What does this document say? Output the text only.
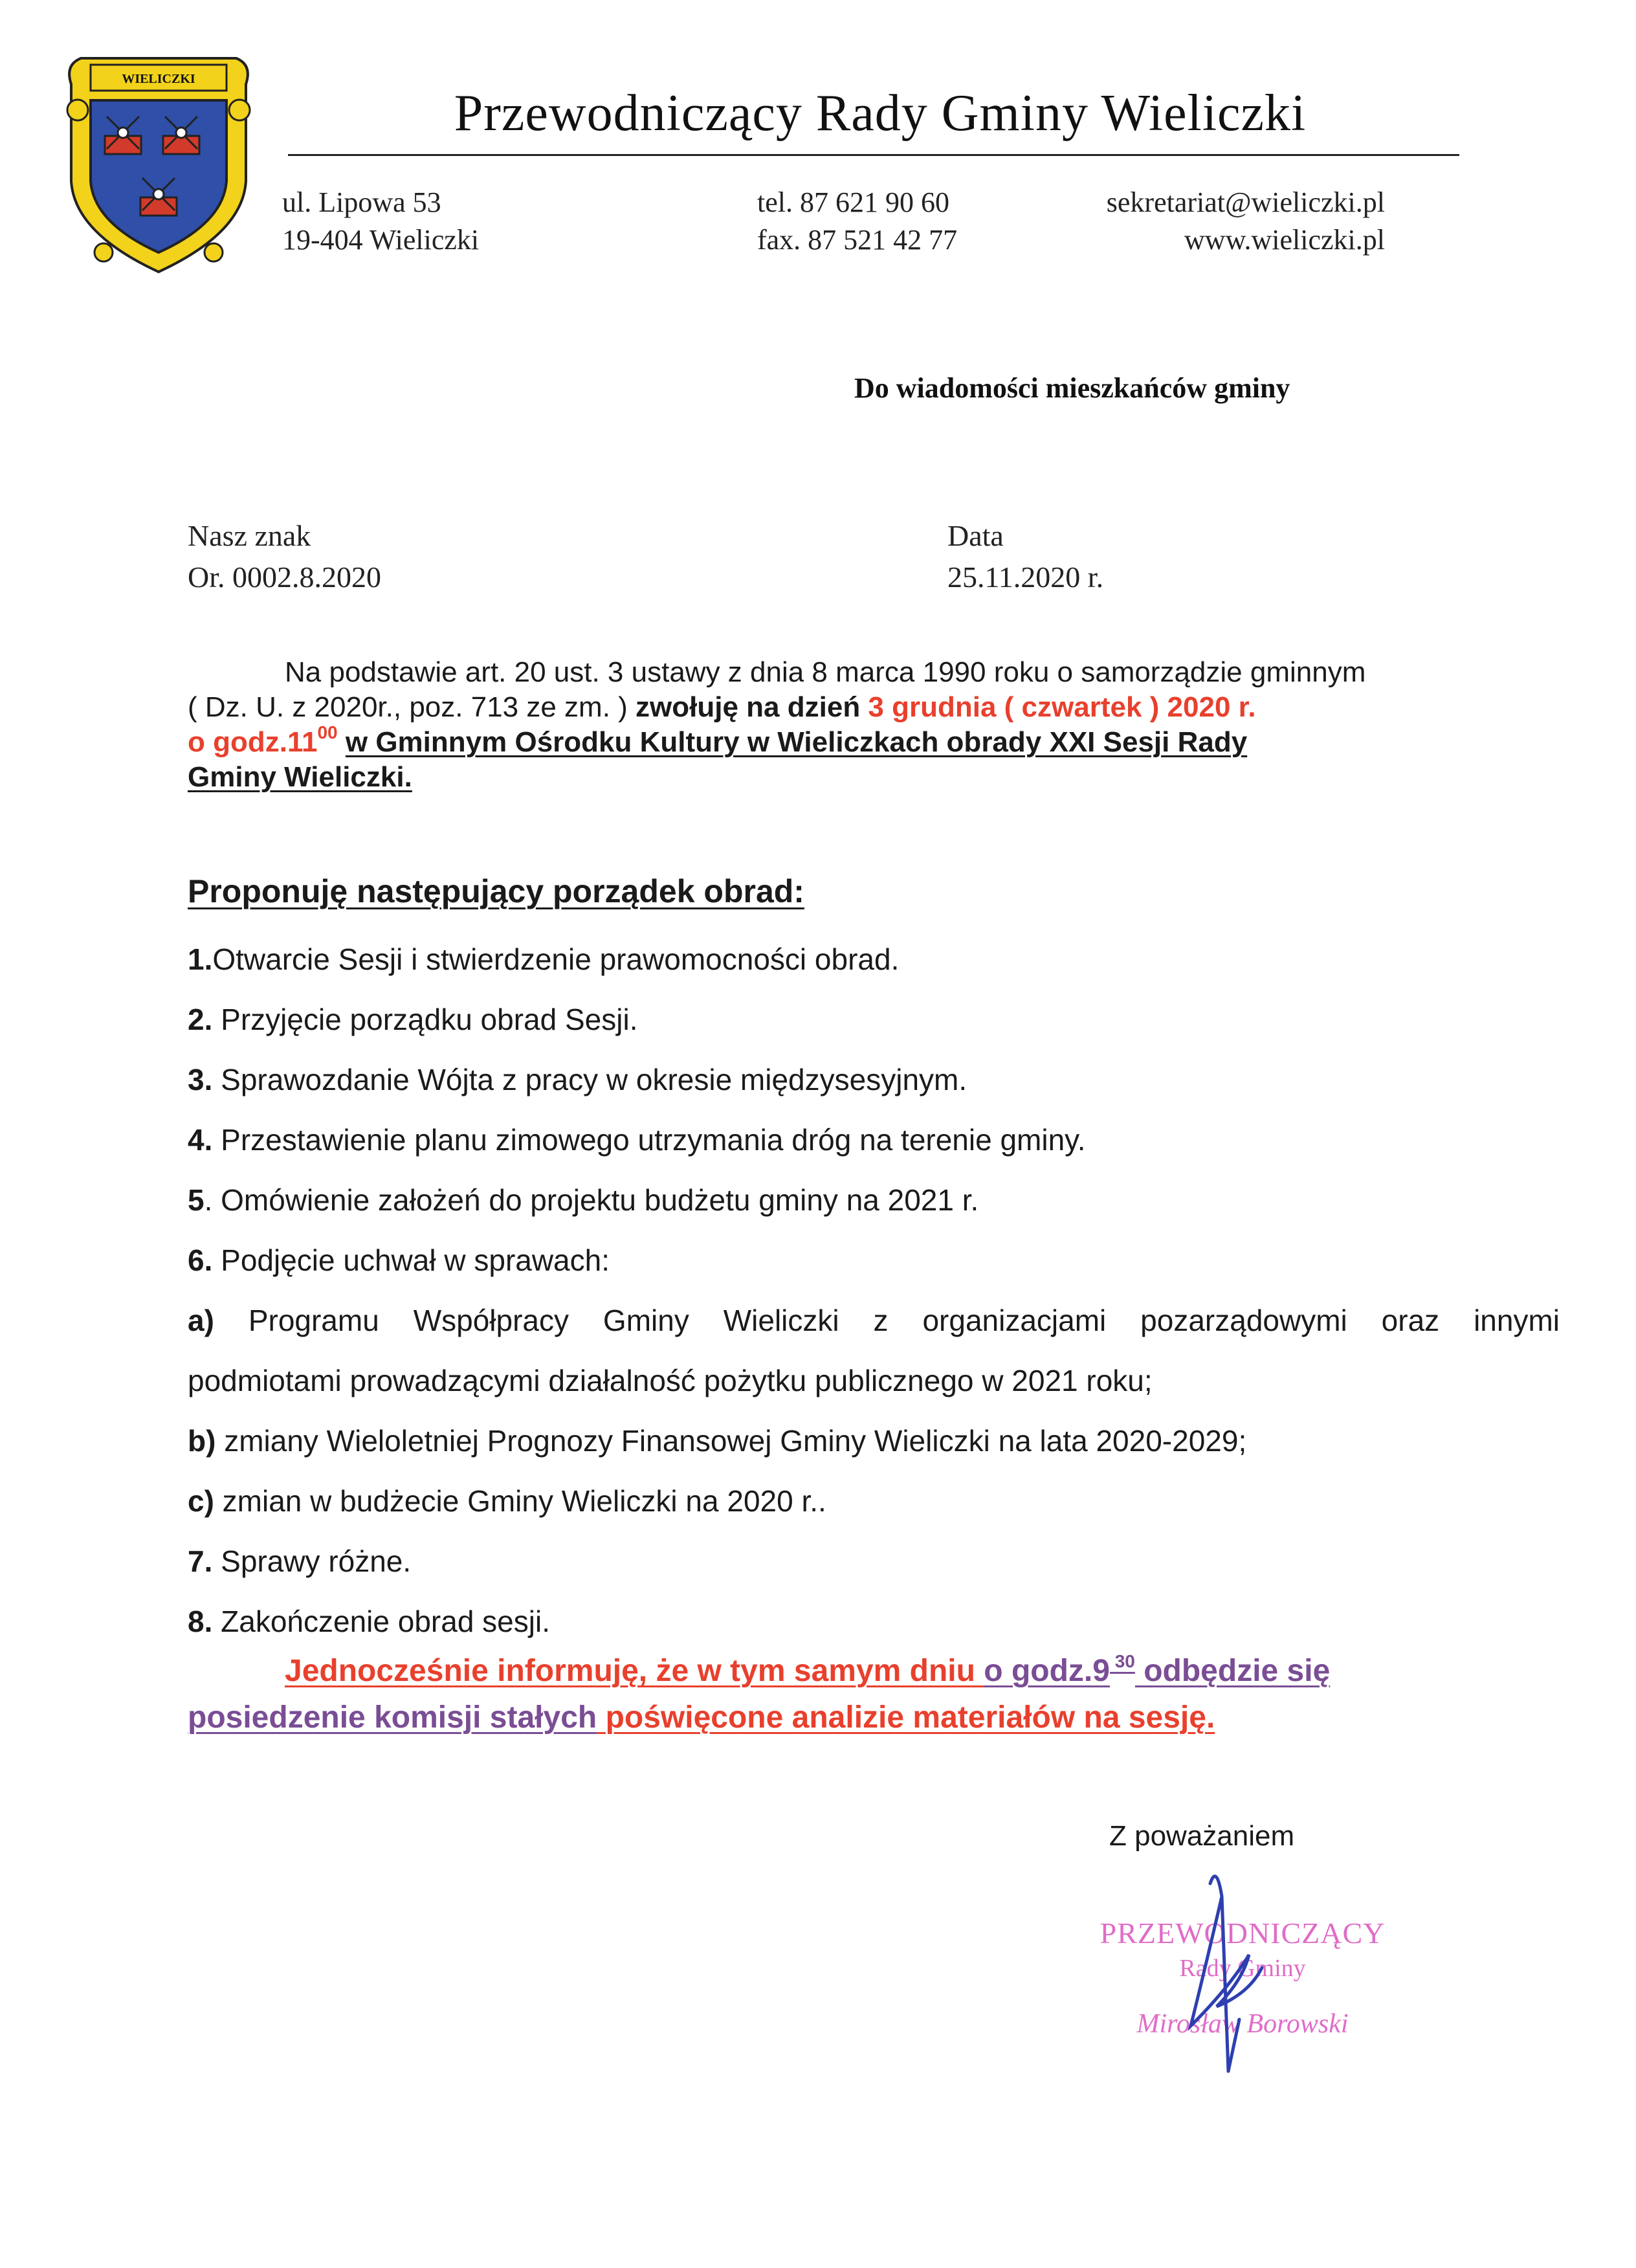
WIELICZKI
Przewodniczący Rady Gminy Wieliczki
ul. Lipowa 53
19-404 Wieliczki
tel. 87 621 90 60
fax. 87 521 42 77
sekretariat@wieliczki.pl
www.wieliczki.pl
Do wiadomości mieszkańców gminy
Nasz znak
Or. 0002.8.2020
Data
25.11.2020 r.
Na podstawie art. 20 ust. 3 ustawy z dnia 8 marca 1990 roku o samorządzie gminnym
( Dz. U. z 2020r., poz. 713 ze zm. ) zwołuję na dzień 3 grudnia ( czwartek ) 2020 r.
o $godz.11^{00}$ w Gminnym Ośrodku Kultury w Wieliczkach obrady XXI Sesji Rady
Gminy Wieliczki.
Proponuję następujący porządek obrad:
1.Otwarcie Sesji i stwierdzenie prawomocności obrad.
2. Przyjęcie porządku obrad Sesji.
3. Sprawozdanie Wójta z pracy w okresie międzysesyjnym.
4. Przestawienie planu zimowego utrzymania dróg na terenie gminy.
5. Omówienie założeń do projektu budżetu gminy na 2021 r.
6. Podjęcie uchwał w sprawach:
a) Programu Współpracy Gminy Wieliczki z organizacjami pozarządowymi oraz innymi
podmiotami prowadzącymi działalność pożytku publicznego w 2021 roku;
b) zmiany Wieloletniej Prognozy Finansowej Gminy Wieliczki na lata 2020-2029;
c) zmian w budżecie Gminy Wieliczki na 2020 r..
7. Sprawy różne.
8. Zakończenie obrad sesji.
Jednocześnie informuję, że w tym samym dniu o godz.9 $^{30}$ odbędzie się
posiedzenie komisji stałych poświęcone analizie materiałów na sesję.
Z poważaniem
PRZEWODNICZĄCY
Rady Gminy
Mirosław Borowski
